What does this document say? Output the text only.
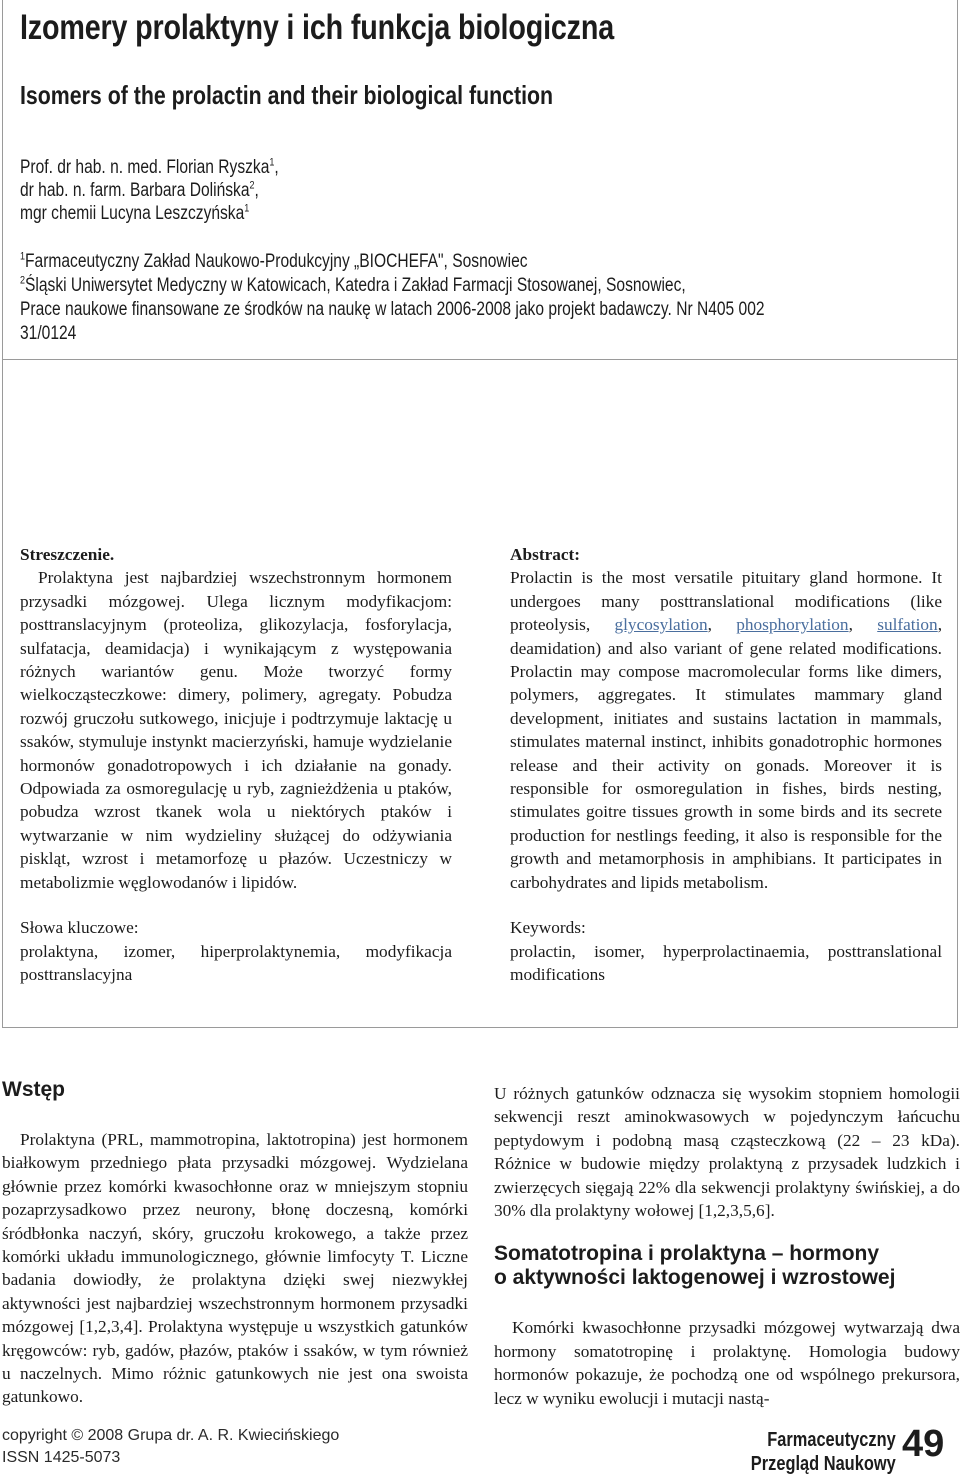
Izomery prolaktyny i ich funkcja biologiczna
Isomers of the prolactin and their biological function
Prof. dr hab. n. med. Florian Ryszka$^1$,
dr hab. n. farm. Barbara Dolińska$^2$,
mgr chemii Lucyna Leszczyńska$^1$
$^1$Farmaceutyczny Zakład Naukowo-Produkcyjny „BIOCHEFA", Sosnowiec
$^2$Śląski Uniwersytet Medyczny w Katowicach, Katedra i Zakład Farmacji Stosowanej, Sosnowiec,
Prace naukowe finansowane ze środków na naukę w latach 2006-2008 jako projekt badawczy. Nr N405 002
31/0124

Streszczenie.

Prolaktyna jest najbardziej wszechstronnym hormonem przysadki mózgowej. Ulega licznym modyfikacjom: posttranslacyjnym (proteoliza, glikozylacja, fosforylacja, sulfatacja, deamidacja) i wynikającym z występowania różnych wariantów genu. Może tworzyć formy wielkocząsteczkowe: dimery, polimery, agregaty. Pobudza rozwój gruczołu sutkowego, inicjuje i podtrzymuje laktację u ssaków, stymuluje instynkt macierzyński, hamuje wydzielanie hormonów gonadotropowych i ich działanie na gonady. Odpowiada za osmoregulację u ryb, zagnieżdżenia u ptaków, pobudza wzrost tkanek wola u niektórych ptaków i wytwarzanie w nim wydzieliny służącej do odżywiania piskląt, wzrost i metamorfozę u płazów. Uczestniczy w metabolizmie węglowodanów i lipidów.

Słowa kluczowe:

prolaktyna, izomer, hiperprolaktynemia, modyfikacja posttranslacyjna

Abstract:

Prolactin is the most versatile pituitary gland hormone. It undergoes many posttranslational modifications (like proteolysis, glycosylation, phosphorylation, sulfation, deamidation) and also variant of gene related modifications. Prolactin may compose macromolecular forms like dimers, polymers, aggregates. It stimulates mammary gland development, initiates and sustains lactation in mammals, stimulates maternal instinct, inhibits gonadotrophic hormones release and their activity on gonads. Moreover it is responsible for osmoregulation in fishes, birds nesting, stimulates goitre tissues growth in some birds and its secrete production for nestlings feeding, it also is responsible for the growth and metamorphosis in amphibians. It participates in carbohydrates and lipids metabolism.

Keywords:

prolactin, isomer, hyperprolactinaemia, posttranslational modifications

Wstęp

Prolaktyna (PRL, mammotropina, laktotropina) jest hormonem białkowym przedniego płata przysadki mózgowej. Wydzielana głównie przez komórki kwasochłonne oraz w mniejszym stopniu pozaprzysadkowo przez neurony, błonę doczesną, komórki śródbłonka naczyń, skóry, gruczołu krokowego, a także przez komórki układu immunologicznego, głównie limfocyty T. Liczne badania dowiodły, że prolaktyna dzięki swej niezwykłej aktywności jest najbardziej wszechstronnym hormonem przysadki mózgowej [1,2,3,4]. Prolaktyna występuje u wszystkich gatunków kręgowców: ryb, gadów, płazów, ptaków i ssaków, w tym również u naczelnych. Mimo różnic gatunkowych nie jest ona swoista gatunkowo.

U różnych gatunków odznacza się wysokim stopniem homologii sekwencji reszt aminokwasowych w pojedynczym łańcuchu peptydowym i podobną masą cząsteczkową (22 – 23 kDa). Różnice w budowie między prolaktyną z przysadek ludzkich i zwierzęcych sięgają 22% dla sekwencji prolaktyny świńskiej, a do 30% dla prolaktyny wołowej [1,2,3,5,6].

Somatotropina i prolaktyna – hormony
o aktywności laktogenowej i wzrostowej

Komórki kwasochłonne przysadki mózgowej wytwarzają dwa hormony somatotropinę i prolaktynę. Homologia budowy hormonów pokazuje, że pochodzą one od wspólnego prekursora, lecz w wyniku ewolucji i mutacji nastą-

copyright © 2008 Grupa dr. A. R. Kwiecińskiego
ISSN 1425-5073
Farmaceutyczny
Przegląd Naukowy 49
